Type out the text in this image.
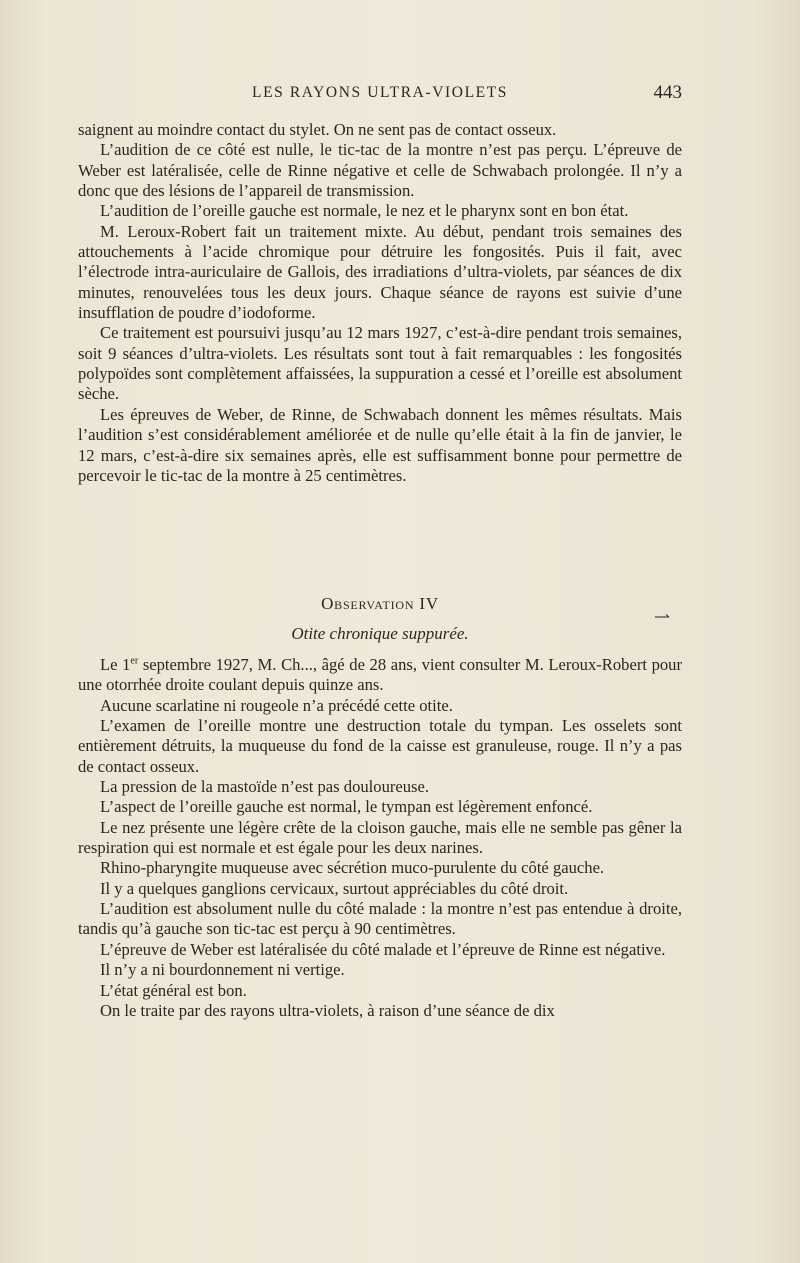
LES RAYONS ULTRA-VIOLETS	443

saignent au moindre contact du stylet. On ne sent pas de contact osseux.

L’audition de ce côté est nulle, le tic-tac de la montre n’est pas perçu. L’épreuve de Weber est latéralisée, celle de Rinne négative et celle de Schwabach prolongée. Il n’y a donc que des lésions de l’appareil de transmission.

L’audition de l’oreille gauche est normale, le nez et le pharynx sont en bon état.

M. Leroux-Robert fait un traitement mixte. Au début, pendant trois semaines des attouchements à l’acide chromique pour détruire les fongosités. Puis il fait, avec l’électrode intra-auriculaire de Gallois, des irradiations d’ultra-violets, par séances de dix minutes, renouvelées tous les deux jours. Chaque séance de rayons est suivie d’une insufflation de poudre d’iodoforme.

Ce traitement est poursuivi jusqu’au 12 mars 1927, c’est-à-dire pendant trois semaines, soit 9 séances d’ultra-violets. Les résultats sont tout à fait remarquables : les fongosités polypoïdes sont complètement affaissées, la suppuration a cessé et l’oreille est absolument sèche.

Les épreuves de Weber, de Rinne, de Schwabach donnent les mêmes résultats. Mais l’audition s’est considérablement améliorée et de nulle qu’elle était à la fin de janvier, le 12 mars, c’est-à-dire six semaines après, elle est suffisamment bonne pour permettre de percevoir le tic-tac de la montre à 25 centimètres.

Observation IV
Otite chronique suppurée.

Le 1er septembre 1927, M. Ch..., âgé de 28 ans, vient consulter M. Leroux-Robert pour une otorrhée droite coulant depuis quinze ans.

Aucune scarlatine ni rougeole n’a précédé cette otite.

L’examen de l’oreille montre une destruction totale du tympan. Les osselets sont entièrement détruits, la muqueuse du fond de la caisse est granuleuse, rouge. Il n’y a pas de contact osseux.

La pression de la mastoïde n’est pas douloureuse.

L’aspect de l’oreille gauche est normal, le tympan est légèrement enfoncé.

Le nez présente une légère crête de la cloison gauche, mais elle ne semble pas gêner la respiration qui est normale et est égale pour les deux narines.

Rhino-pharyngite muqueuse avec sécrétion muco-purulente du côté gauche.

Il y a quelques ganglions cervicaux, surtout appréciables du côté droit.

L’audition est absolument nulle du côté malade : la montre n’est pas entendue à droite, tandis qu’à gauche son tic-tac est perçu à 90 centimètres.

L’épreuve de Weber est latéralisée du côté malade et l’épreuve de Rinne est négative.

Il n’y a ni bourdonnement ni vertige.

L’état général est bon.

On le traite par des rayons ultra-violets, à raison d’une séance de dix
